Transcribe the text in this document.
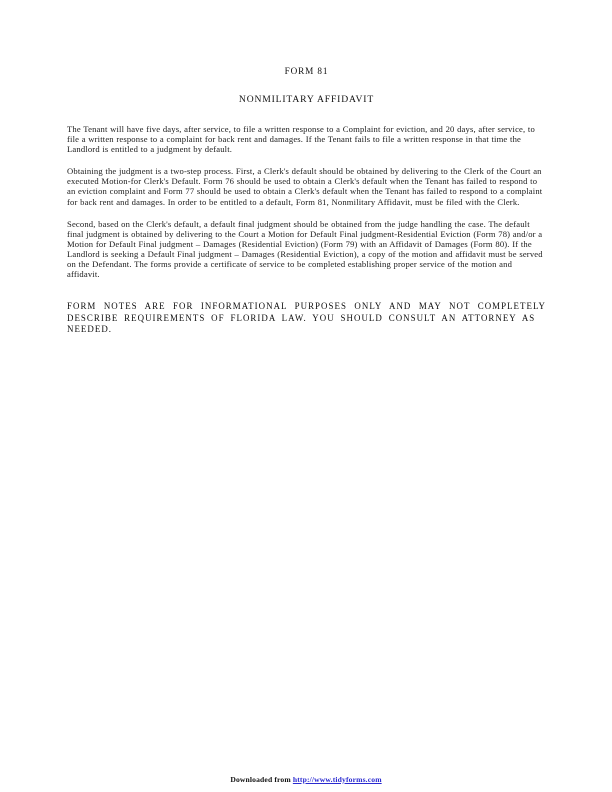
FORM 81
NONMILITARY AFFIDAVIT

The Tenant will have five days, after service, to file a written response to a Complaint for eviction, and 20 days, after service, to file a written response to a complaint for back rent and damages. If the Tenant fails to file a written response in that time the Landlord is entitled to a judgment by default.

Obtaining the judgment is a two-step process. First, a Clerk's default should be obtained by delivering to the Clerk of the Court an executed Motion-for Clerk's Default. Form 76 should be used to obtain a Clerk's default when the Tenant has failed to respond to an eviction complaint and Form 77 should be used to obtain a Clerk's default when the Tenant has failed to respond to a complaint for back rent and damages. In order to be entitled to a default, Form 81, Nonmilitary Affidavit, must be filed with the Clerk.

Second, based on the Clerk's default, a default final judgment should be obtained from the judge handling the case. The default final judgment is obtained by delivering to the Court a Motion for Default Final judgment-Residential Eviction (Form 78) and/or a Motion for Default Final judgment – Damages (Residential Eviction) (Form 79) with an Affidavit of Damages (Form 80). If the Landlord is seeking a Default Final judgment – Damages (Residential Eviction), a copy of the motion and affidavit must be served on the Defendant. The forms provide a certificate of service to be completed establishing proper service of the motion and affidavit.

FORM NOTES ARE FOR INFORMATIONAL PURPOSES ONLY AND MAY NOT COMPLETELY DESCRIBE REQUIREMENTS OF FLORIDA LAW. YOU SHOULD CONSULT AN ATTORNEY AS
NEEDED.

Downloaded from http://www.tidyforms.com
